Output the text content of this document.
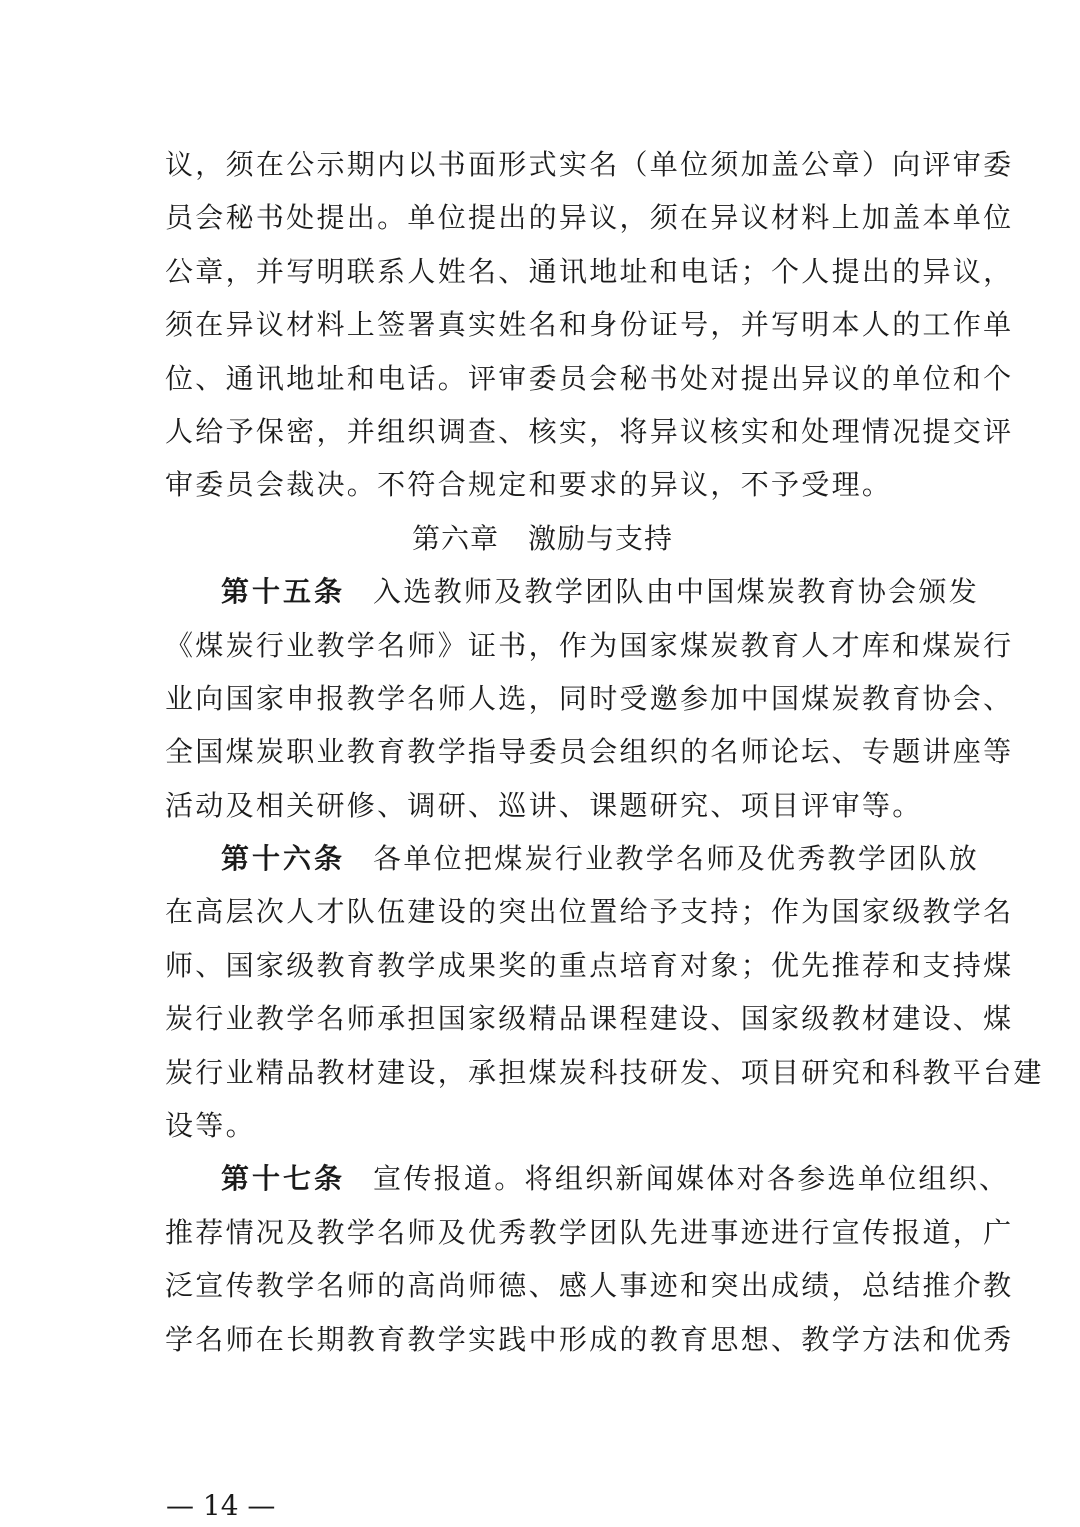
议，须在公示期内以书面形式实名（单位须加盖公章）向评审委
员会秘书处提出。单位提出的异议，须在异议材料上加盖本单位
公章，并写明联系人姓名、通讯地址和电话；个人提出的异议，
须在异议材料上签署真实姓名和身份证号，并写明本人的工作单
位、通讯地址和电话。评审委员会秘书处对提出异议的单位和个
人给予保密，并组织调查、核实，将异议核实和处理情况提交评
审委员会裁决。不符合规定和要求的异议，不予受理。
第六章　激励与支持
第十五条 入选教师及教学团队由中国煤炭教育协会颁发
《煤炭行业教学名师》证书，作为国家煤炭教育人才库和煤炭行
业向国家申报教学名师人选，同时受邀参加中国煤炭教育协会、
全国煤炭职业教育教学指导委员会组织的名师论坛、专题讲座等
活动及相关研修、调研、巡讲、课题研究、项目评审等。
第十六条 各单位把煤炭行业教学名师及优秀教学团队放
在高层次人才队伍建设的突出位置给予支持；作为国家级教学名
师、国家级教育教学成果奖的重点培育对象；优先推荐和支持煤
炭行业教学名师承担国家级精品课程建设、国家级教材建设、煤
炭行业精品教材建设，承担煤炭科技研发、项目研究和科教平台建
设等。
第十七条 宣传报道。将组织新闻媒体对各参选单位组织、
推荐情况及教学名师及优秀教学团队先进事迹进行宣传报道，广
泛宣传教学名师的高尚师德、感人事迹和突出成绩，总结推介教
学名师在长期教育教学实践中形成的教育思想、教学方法和优秀
— 14 —
